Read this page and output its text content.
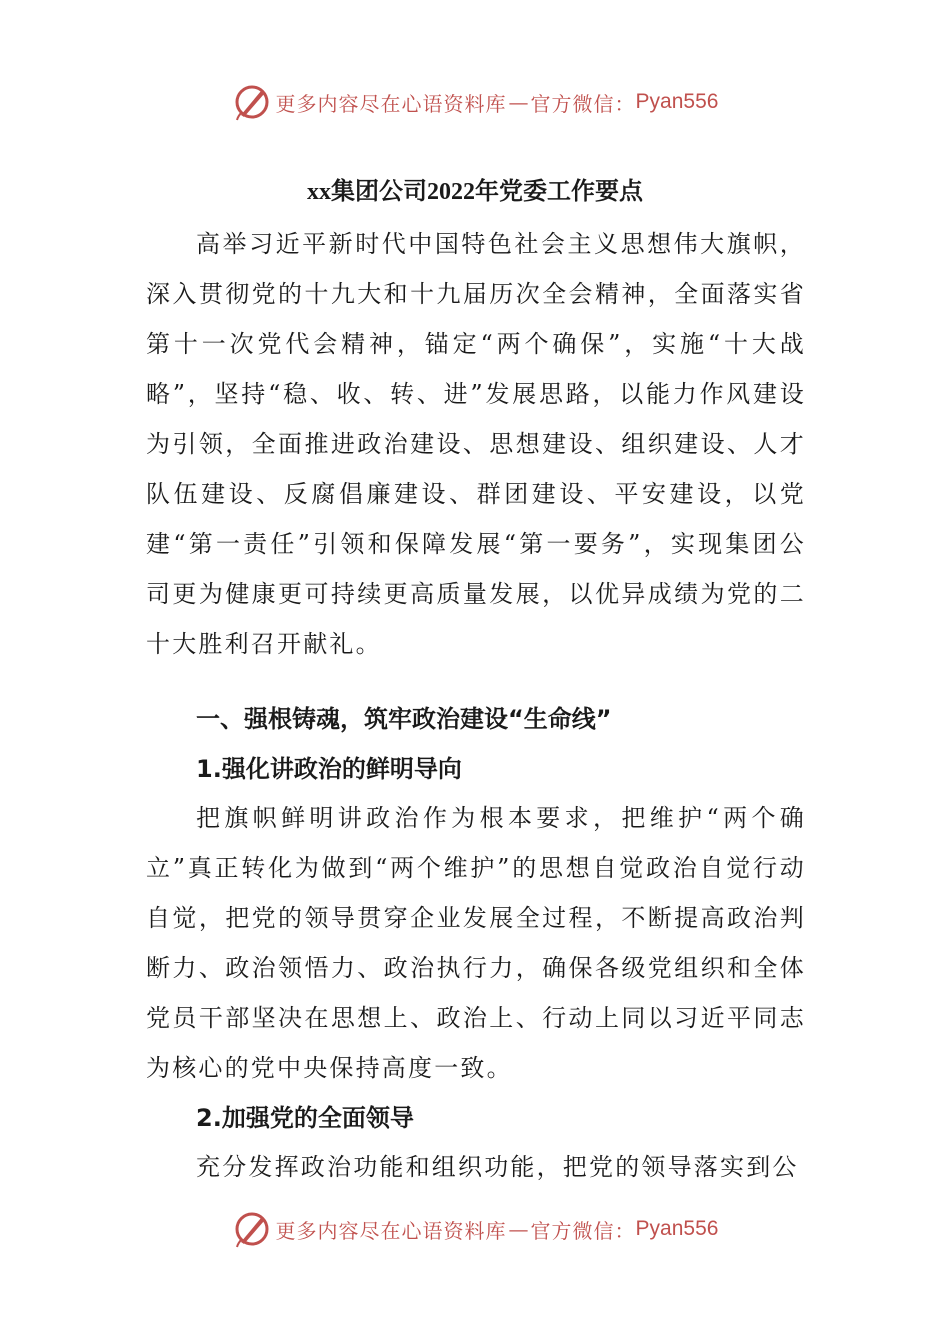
更多内容尽在心语资料库 — 官方微信： Pyan556
xx集团公司2022年党委工作要点

高举习近平新时代中国特色社会主义思想伟大旗帜，深入贯彻党的十九大和十九届历次全会精神，全面落实省第十一次党代会精神，锚定“两个确保”，实施“十大战略”，坚持“稳、收、转、进”发展思路，以能力作风建设为引领，全面推进政治建设、思想建设、组织建设、人才队伍建设、反腐倡廉建设、群团建设、平安建设，以党建“第一责任”引领和保障发展“第一要务”，实现集团公司更为健康更可持续更高质量发展，以优异成绩为党的二十大胜利召开献礼。

一、强根铸魂，筑牢政治建设“生命线”

1.强化讲政治的鲜明导向

把旗帜鲜明讲政治作为根本要求，把维护“两个确立”真正转化为做到“两个维护”的思想自觉政治自觉行动自觉，把党的领导贯穿企业发展全过程，不断提高政治判断力、政治领悟力、政治执行力，确保各级党组织和全体党员干部坚决在思想上、政治上、行动上同以习近平同志为核心的党中央保持高度一致。

2.加强党的全面领导

充分发挥政治功能和组织功能，把党的领导落实到公

更多内容尽在心语资料库 — 官方微信： Pyan556
